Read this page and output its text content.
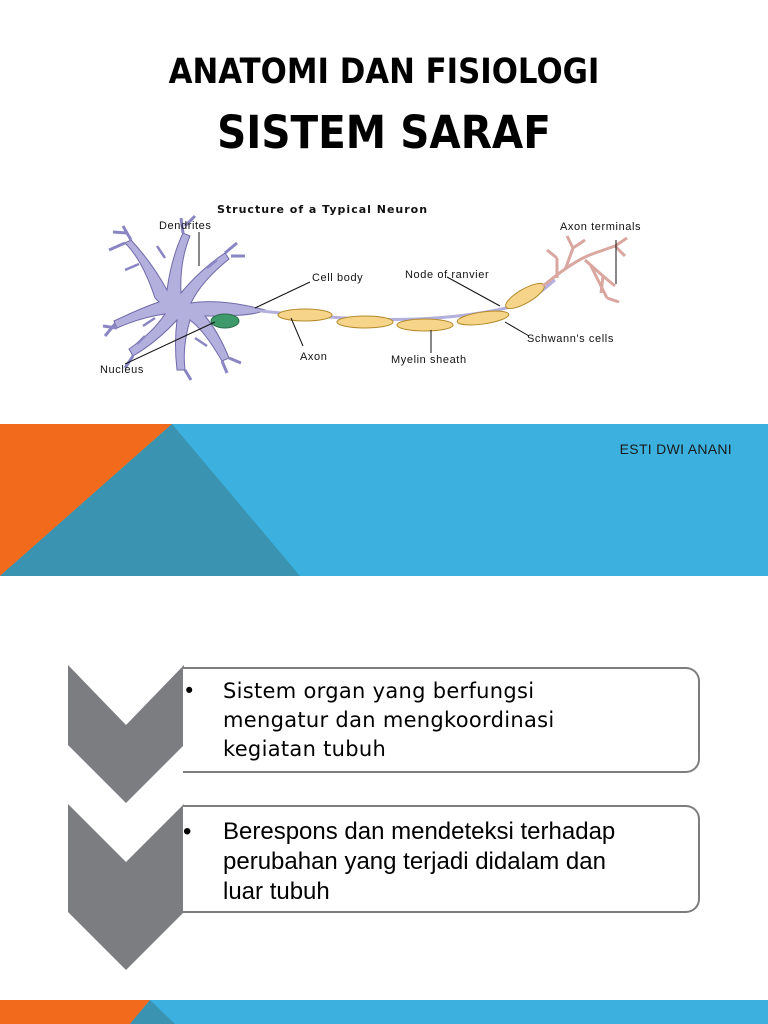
ANATOMI DAN FISIOLOGI
SISTEM SARAF
Structure of a Typical Neuron
Dendrites
Cell body
Nucleus
Axon	Myelin sheath
Node of ranvier
Schwann's cells
Axon terminals
ESTI DWI ANANI
• Sistem organ yang berfungsi
mengatur dan mengkoordinasi
kegiatan tubuh
• Berespons dan mendeteksi terhadap
perubahan yang terjadi didalam dan
luar tubuh
